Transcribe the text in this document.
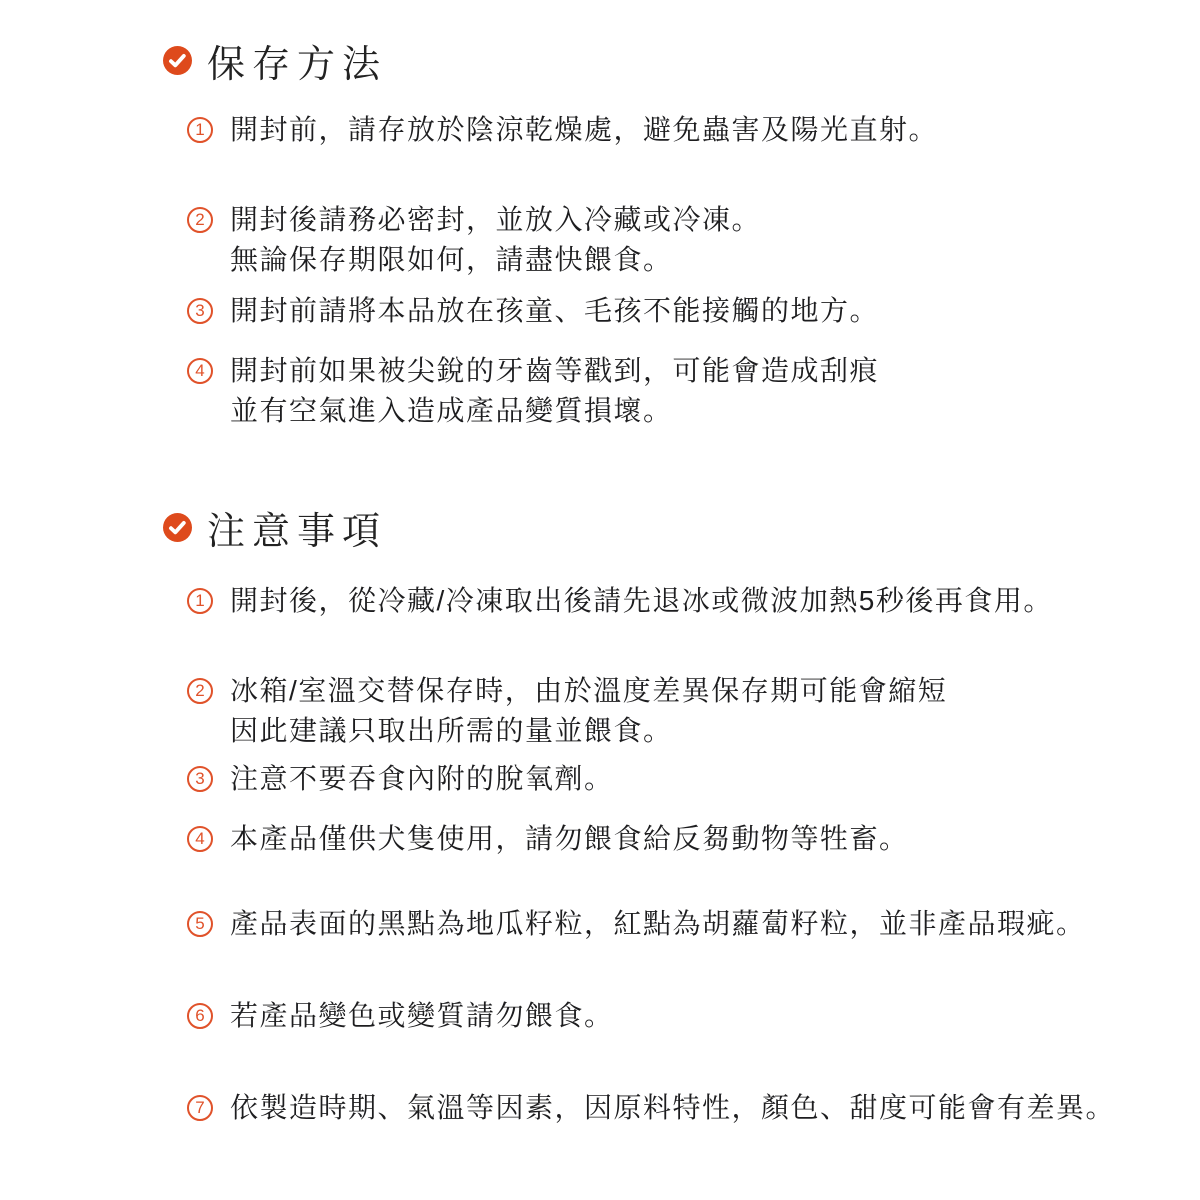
保存方法
1 開封前，請存放於陰涼乾燥處，避免蟲害及陽光直射。
2 開封後請務必密封，並放入冷藏或冷凍。
無論保存期限如何，請盡快餵食。
3 開封前請將本品放在孩童、毛孩不能接觸的地方。
4 開封前如果被尖銳的牙齒等戳到，可能會造成刮痕
並有空氣進入造成產品變質損壞。
注意事項
1 開封後，從冷藏/冷凍取出後請先退冰或微波加熱5秒後再食用。
2 冰箱/室溫交替保存時，由於溫度差異保存期可能會縮短
因此建議只取出所需的量並餵食。
3 注意不要吞食內附的脫氧劑。
4 本產品僅供犬隻使用，請勿餵食給反芻動物等牲畜。
5 產品表面的黑點為地瓜籽粒，紅點為胡蘿蔔籽粒，並非產品瑕疵。
6 若產品變色或變質請勿餵食。
7 依製造時期、氣溫等因素，因原料特性，顏色、甜度可能會有差異。
